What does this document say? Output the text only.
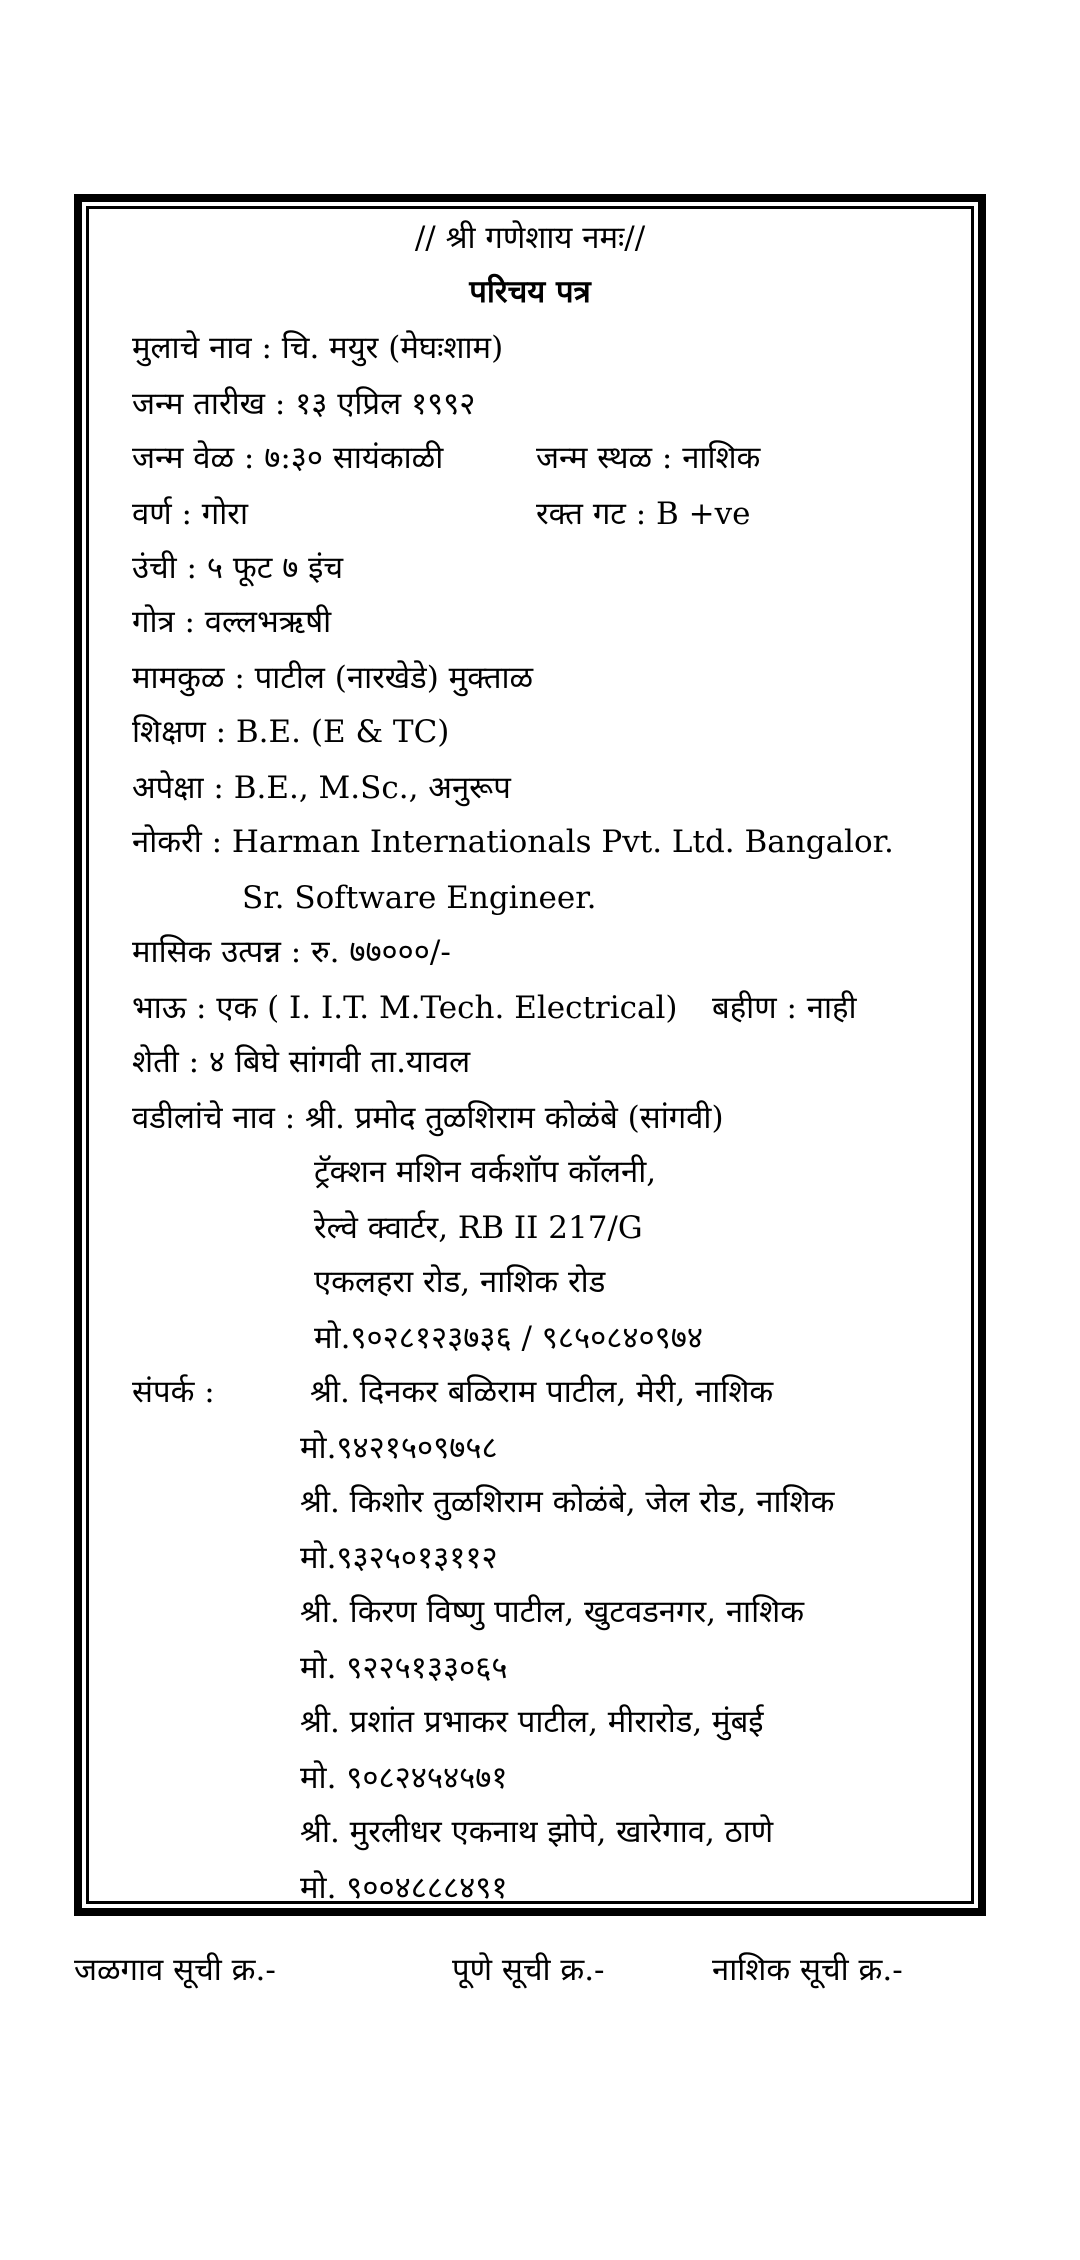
// श्री गणेशाय नमः//
परिचय पत्र
मुलाचे नाव : चि. मयुर (मेघःशाम)
जन्म तारीख : १३ एप्रिल १९९२
जन्म वेळ : ७:३० सायंकाळी	जन्म स्थळ : नाशिक
वर्ण : गोरा	रक्त गट : B +ve
उंची : ५ फूट ७ इंच
गोत्र : वल्लभऋषी
मामकुळ : पाटील (नारखेडे) मुक्ताळ
शिक्षण : B.E. (E & TC)
अपेक्षा : B.E., M.Sc., अनुरूप
नोकरी : Harman Internationals Pvt. Ltd. Bangalor.
Sr. Software Engineer.
मासिक उत्पन्न : रु. ७७०००/-
भाऊ : एक ( I. I.T. M.Tech. Electrical) बहीण : नाही
शेती : ४ बिघे सांगवी ता.यावल
वडीलांचे नाव : श्री. प्रमोद तुळशिराम कोळंबे (सांगवी)
ट्रॅक्शन मशिन वर्कशॉप कॉलनी,
रेल्वे क्वार्टर, RB II 217/G
एकलहरा रोड, नाशिक रोड
मो.९०२८१२३७३६ / ९८५०८४०९७४
संपर्क :	श्री. दिनकर बळिराम पाटील, मेरी, नाशिक
मो.९४२१५०९७५८
श्री. किशोर तुळशिराम कोळंबे, जेल रोड, नाशिक
मो.९३२५०१३११२
श्री. किरण विष्णु पाटील, खुटवडनगर, नाशिक
मो. ९२२५१३३०६५
श्री. प्रशांत प्रभाकर पाटील, मीरारोड, मुंबई
मो. ९०८२४५४५७१
श्री. मुरलीधर एकनाथ झोपे, खारेगाव, ठाणे
मो. ९००४८८८४९१
जळगाव सूची क्र.-	पूणे सूची क्र.-	नाशिक सूची क्र.-
